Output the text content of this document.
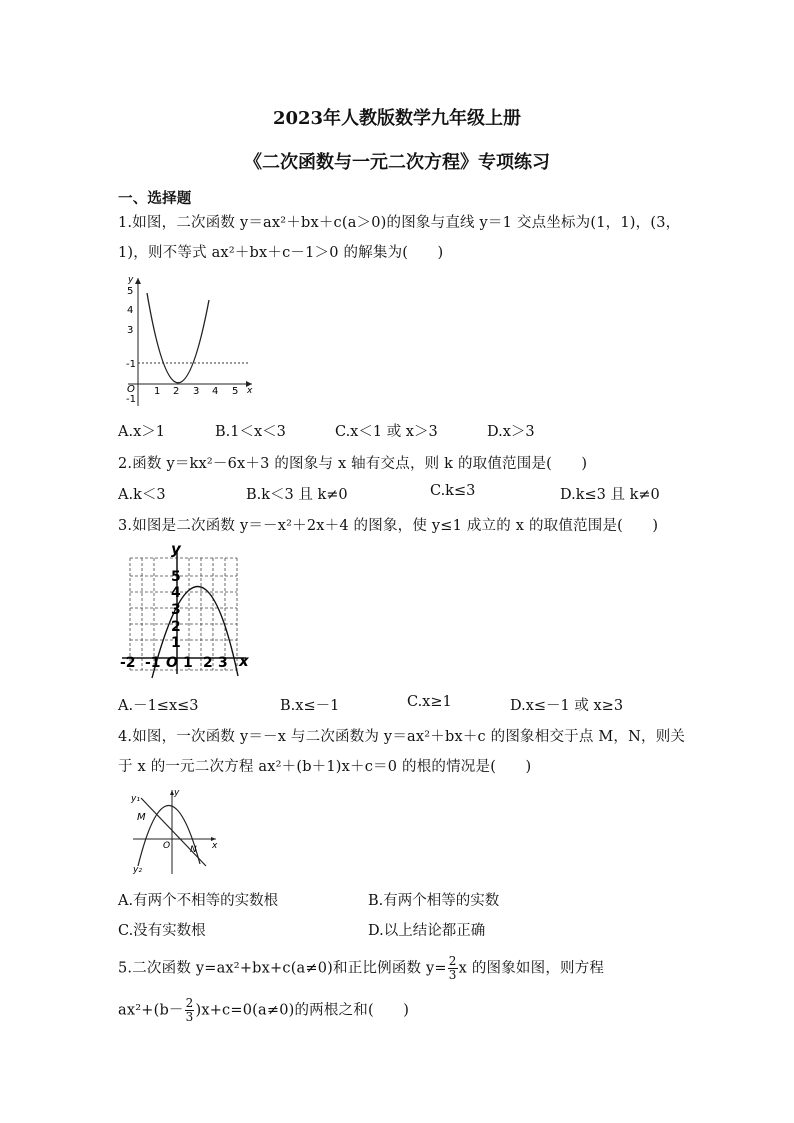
2023年人教版数学九年级上册
《二次函数与一元二次方程》专项练习
一、选择题
1.如图，二次函数 y＝ax²＋bx＋c(a＞0)的图象与直线 y＝1 交点坐标为(1，1)，(3，
1)，则不等式 ax²＋bx＋c－1＞0 的解集为(　　)
y
5
4
3
-1
-1
O 1 2 3 4 5 x
A.x＞1	B.1＜x＜3	C.x＜1 或 x＞3	D.x＞3
2.函数 y＝kx²－6x＋3 的图象与 x 轴有交点，则 k 的取值范围是(　　)
A.k＜3	B.k＜3 且 k≠0	C.k≤3	D.k≤3 且 k≠0
3.如图是二次函数 y＝－x²＋2x＋4 的图象，使 y≤1 成立的 x 的取值范围是(　　)
y
x
5
4
3
2
1
-2 -1 O 1 2 3
A.－1≤x≤3	B.x≤－1	C.x≥1	D.x≤－1 或 x≥3
4.如图，一次函数 y＝－x 与二次函数为 y＝ax²＋bx＋c 的图象相交于点 M，N，则关
于 x 的一元二次方程 ax²＋(b＋1)x＋c＝0 的根的情况是(　　)
y₁
y₂
M
N
O	x
y
A.有两个不相等的实数根	B.有两个相等的实数
C.没有实数根	D.以上结论都正确
5.二次函数 y=ax²+bx+c(a≠0)和正比例函数 $y= \frac{2}{3}$ x 的图象如图，则方程
$ax^2+(b- \frac{2}{3} )x+c=0(a\ne 0)$的两根之和(　　)
